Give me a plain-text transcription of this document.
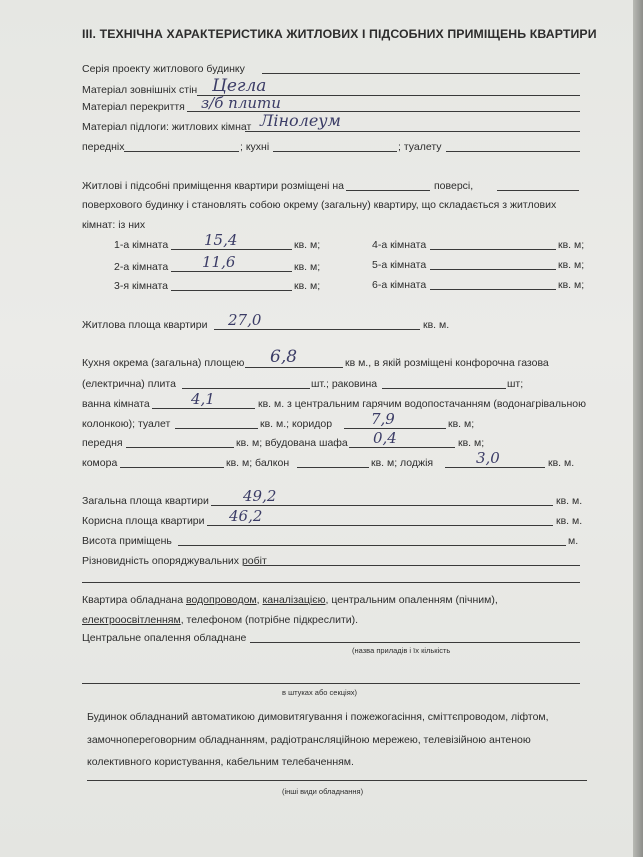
III. ТЕХНІЧНА ХАРАКТЕРИСТИКА ЖИТЛОВИХ І ПІДСОБНИХ ПРИМІЩЕНЬ КВАРТИРИ
Серія проекту житлового будинку
Матеріал зовнішніх стін Цегла
Матеріал перекриття з/б плити
Матеріал підлоги: житлових кімнат Лінолеум
передніх	; кухні	; туалету
Житлові і підсобні приміщення квартири розміщені на	поверсі,
поверхового будинку і становлять собою окрему (загальну) квартиру, що складається з житлових
кімнат: із них
1-а кімната 15,4	кв. м;
2-а кімната 11,6	кв. м;
3-я кімната	кв. м;
4-а кімната	кв. м;
5-а кімната	кв. м;
6-а кімната	кв. м;
Житлова площа квартири 27,0	кв. м.
Кухня окрема (загальна) площею 6,8	кв м., в якій розміщені конфорочна газова
(електрична) плита	шт.; раковина	шт;
ванна кімната	4,1	кв. м. з центральним гарячим водопостачанням (водонагрівальною
колонкою); туалет	кв. м.; коридор	7,9	кв. м;
передня	кв. м; вбудована шафа 0,4	кв. м;
комора	кв. м; балкон	кв. м; лоджія	3,0	кв. м.
Загальна площа квартири 49,2	кв. м.
Корисна площа квартири 46,2	кв. м.
Висота приміщень	м.
Різновидність опоряджувальних робіт
Квартира обладнана водопроводом, каналізацією, центральним опаленням (пічним),
електроосвітленням, телефоном (потрібне підкреслити).
Центральне опалення обладнане
(назва приладів і їх кількість
в штуках або секціях)
Будинок обладнаний автоматикою димовитягування і пожежогасіння, сміттєпроводом, ліфтом,
замочнопереговорним обладнанням, радіотрансляційною мережею, телевізійною антеною
колективного користування, кабельним телебаченням.
(інші види обладнання)
